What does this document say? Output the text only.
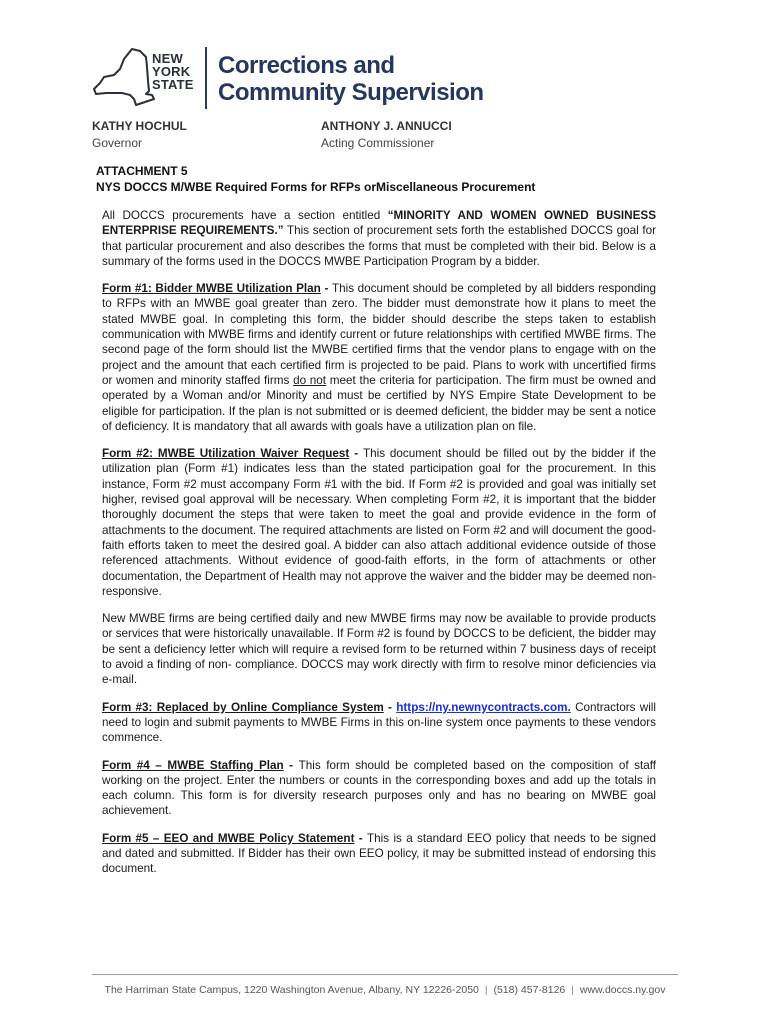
NEW
YORK
STATE
Corrections and
Community Supervision
KATHY HOCHUL
Governor
ANTHONY J. ANNUCCI
Acting Commissioner
ATTACHMENT 5
NYS DOCCS M/WBE Required Forms for RFPs orMiscellaneous Procurement

All DOCCS procurements have a section entitled “MINORITY AND WOMEN OWNED BUSINESS ENTERPRISE REQUIREMENTS.” This section of procurement sets forth the established DOCCS goal for that particular procurement and also describes the forms that must be completed with their bid. Below is a summary of the forms used in the DOCCS MWBE Participation Program by a bidder.

Form #1: Bidder MWBE Utilization Plan - This document should be completed by all bidders responding to RFPs with an MWBE goal greater than zero. The bidder must demonstrate how it plans to meet the stated MWBE goal. In completing this form, the bidder should describe the steps taken to establish communication with MWBE firms and identify current or future relationships with certified MWBE firms. The second page of the form should list the MWBE certified firms that the vendor plans to engage with on the project and the amount that each certified firm is projected to be paid. Plans to work with uncertified firms or women and minority staffed firms do not meet the criteria for participation. The firm must be owned and operated by a Woman and/or Minority and must be certified by NYS Empire State Development to be eligible for participation. If the plan is not submitted or is deemed deficient, the bidder may be sent a notice of deficiency. It is mandatory that all awards with goals have a utilization plan on file.

Form #2: MWBE Utilization Waiver Request - This document should be filled out by the bidder if the utilization plan (Form #1) indicates less than the stated participation goal for the procurement. In this instance, Form #2 must accompany Form #1 with the bid. If Form #2 is provided and goal was initially set higher, revised goal approval will be necessary. When completing Form #2, it is important that the bidder thoroughly document the steps that were taken to meet the goal and provide evidence in the form of attachments to the document. The required attachments are listed on Form #2 and will document the good-faith efforts taken to meet the desired goal. A bidder can also attach additional evidence outside of those referenced attachments. Without evidence of good-faith efforts, in the form of attachments or other documentation, the Department of Health may not approve the waiver and the bidder may be deemed non-responsive.

New MWBE firms are being certified daily and new MWBE firms may now be available to provide products or services that were historically unavailable. If Form #2 is found by DOCCS to be deficient, the bidder may be sent a deficiency letter which will require a revised form to be returned within 7 business days of receipt to avoid a finding of non- compliance. DOCCS may work directly with firm to resolve minor deficiencies via e-mail.

Form #3: Replaced by Online Compliance System - https://ny.newnycontracts.com. Contractors will need to login and submit payments to MWBE Firms in this on-line system once payments to these vendors commence.

Form #4 – MWBE Staffing Plan - This form should be completed based on the composition of staff working on the project. Enter the numbers or counts in the corresponding boxes and add up the totals in each column. This form is for diversity research purposes only and has no bearing on MWBE goal achievement.

Form #5 – EEO and MWBE Policy Statement - This is a standard EEO policy that needs to be signed and dated and submitted. If Bidder has their own EEO policy, it may be submitted instead of endorsing this document.

The Harriman State Campus, 1220 Washington Avenue, Albany, NY 12226-2050 | (518) 457-8126 | www.doccs.ny.gov
